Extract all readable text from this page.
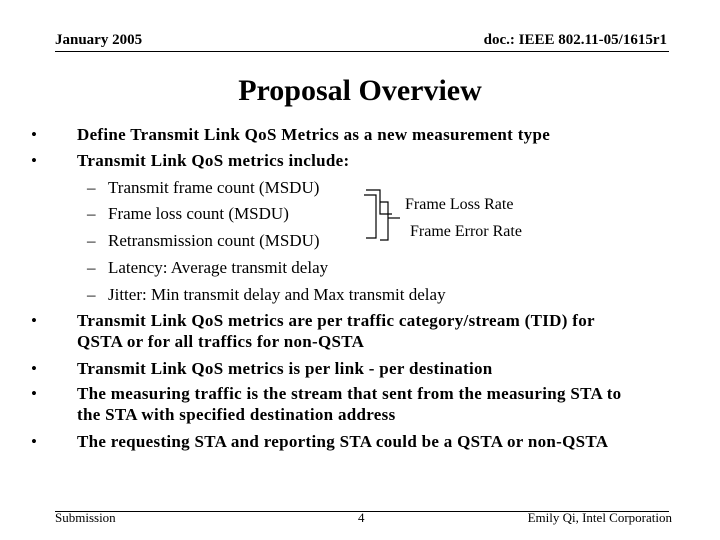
January 2005	doc.: IEEE 802.11-05/1615r1
Proposal Overview
• Define Transmit Link QoS Metrics as a new measurement type
• Transmit Link QoS metrics include:
– Transmit frame count (MSDU)
– Frame loss count (MSDU)
– Retransmission count (MSDU)
– Latency: Average transmit delay
– Jitter: Min transmit delay and Max transmit delay
Frame Loss Rate
Frame Error Rate
• Transmit Link QoS metrics are per traffic category/stream (TID) for
QSTA or for all traffics for non-QSTA
• Transmit Link QoS metrics is per link - per destination
• The measuring traffic is the stream that sent from the measuring STA to
the STA with specified destination address
• The requesting STA and reporting STA could be a QSTA or non-QSTA
Submission	4	Emily Qi, Intel Corporation
